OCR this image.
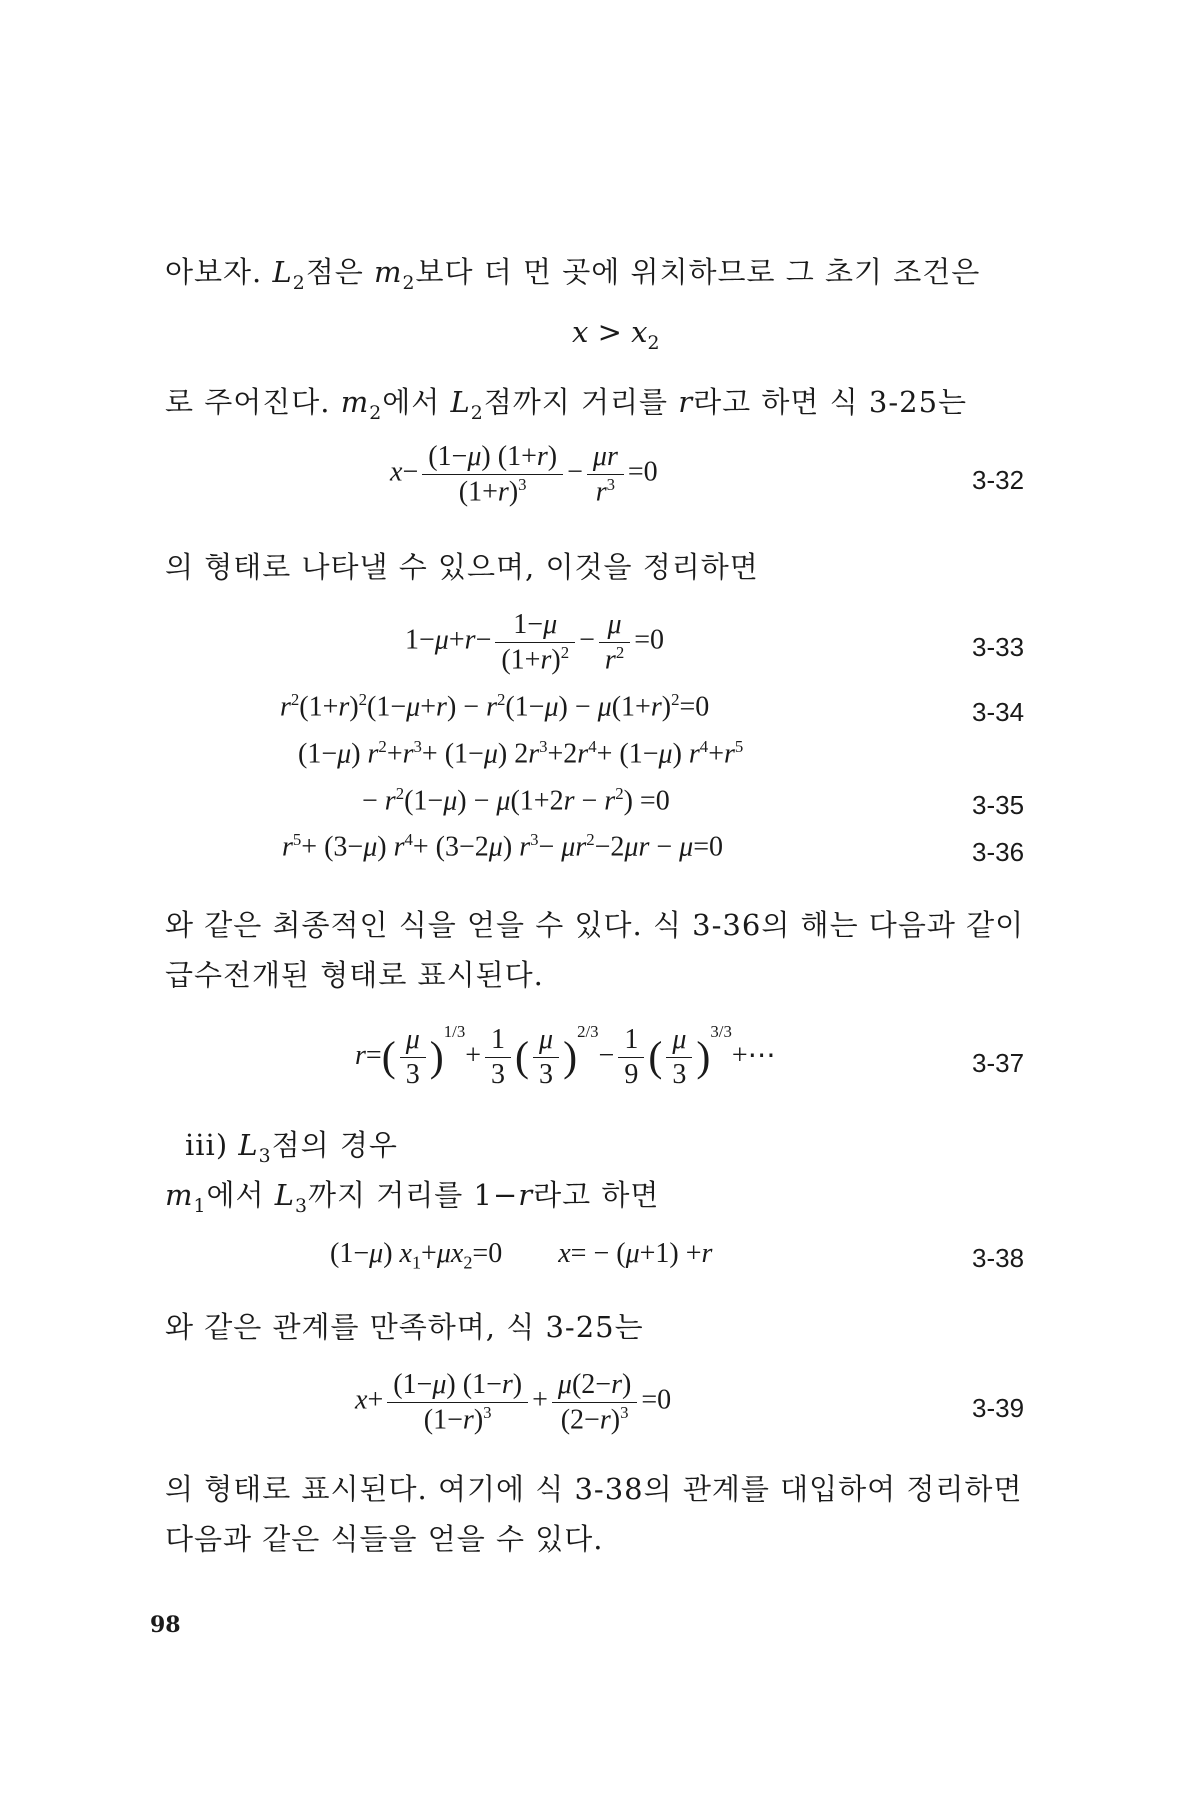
아보자. $L_2$점은 $m_2$보다 더 먼 곳에 위치하므로 그 초기 조건은
$x > x_2$
로 주어진다. $m_2$에서 $L_2$점까지 거리를 r라고 하면 식 3-25는
$x- \frac{(1-\mu) (1+r)}{(1+r)^3} - \frac{\mu r}{r^3} =0$	3-32
의 형태로 나타낼 수 있으며, 이것을 정리하면
$1-\mu+r- \frac{1-\mu}{(1+r)^2} - \frac{\mu}{r^2} =0$	3-33
$r^2(1+r)^2(1-\mu+r) - r^2(1-\mu) - \mu(1+r)^2=0$	3-34
(1−μ) $r^2+r^3+ (1-\mu)$ $2r^3+2r^4+ (1-\mu)$ $r^4+r^5$
− $r^2(1-\mu) - \mu(1+2r - r^2) =0$	3-35
$r^5+ (3-\mu)$ $r^4+ (3-2\mu)$ $r^3- \mu r^2-2\mu r - \mu=0$	3-36
와 같은 최종적인 식을 얻을 수 있다. 식 3-36의 해는 다음과 같이
급수전개된 형태로 표시된다.
$r=( \frac{\mu}{3} )^{1/3}+ \frac{1}{3}$ ( $\frac{\mu}{3} )^{2/3}- \frac{1}{9}$ ( $\frac{\mu}{3}$ )$^{3/3}$+⋯	3-37
iii) $L_3$점의 경우
$m_1$에서 $L_3$까지 거리를 1−r라고 하면
(1−μ) $x_1+\mu x_2=0$        x= − (μ+1) +r	3-38
와 같은 관계를 만족하며, 식 3-25는
$x+ \frac{(1-\mu) (1-r)}{(1-r)^3} + \frac{\mu(2-r)}{(2-r)^3} =0$	3-39
의 형태로 표시된다. 여기에 식 3-38의 관계를 대입하여 정리하면
다음과 같은 식들을 얻을 수 있다.
98
